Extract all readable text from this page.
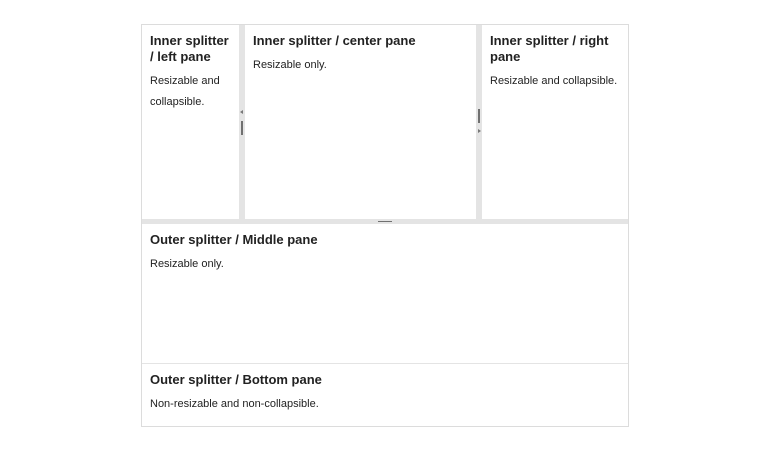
Inner splitter / left pane

Resizable and collapsible.

Inner splitter / center pane

Resizable only.

Inner splitter / right pane

Resizable and collapsible.

Outer splitter / Middle pane

Resizable only.

Outer splitter / Bottom pane

Non-resizable and non-collapsible.
